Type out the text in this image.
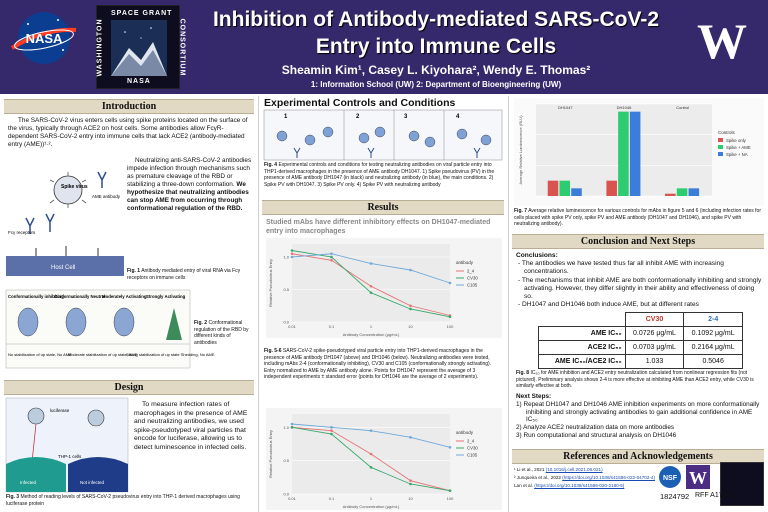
NASA
SPACE GRANT
WASHINGTON	CONSORTIUM
NASA
Inhibition of Antibody-mediated SARS-CoV-2
Entry into Immune Cells
Sheamin Kim¹, Casey L. Kiyohara², Wendy E. Thomas²
1: Information School (UW) 2: Department of Bioengineering (UW)
W
Introduction
The SARS-CoV-2 virus enters cells using spike proteins located on the surface of the virus, typically through ACE2 on host cells. Some antibodies allow FcγR-dependent SARS-CoV-2 entry into immune cells that lack ACE2 (antibody-mediated entry (AME))¹·².
Spike virus
AME antibody
Fcγ receptors
Host Cell
Neutralizing anti-SARS-CoV-2 antibodies impede infection through mechanisms such as premature cleavage of the RBD or stabilizing a three-down conformation. We hypothesize that neutralizing antibodies can stop AME from occurring through conformational regulation of the RBD.
Fig. 1 Antibody mediated entry of viral RNA via Fcγ receptors on immune cells
Conformationally inhibiting
Conformationally Neutral
Moderately Activating Strongly Activating
No stabilization of up state, No AME
Moderate stabilization of up state, AME
Strong stabilization of up state Shedding, No AME
Fig. 2 Conformational regulation of the RBD by different kinds of antibodies
Design
luciferase
Infected	Not infected
THP-1 cells
To measure infection rates of macrophages in the presence of AME and neutralizing antibodies, we used spike-pseudotyped viral particles that encode for luciferase, allowing us to detect luminescence in infected cells.
Fig. 3 Method of reading levels of SARS-CoV-2 pseudovirus entry into THP-1 derived macrophages using luciferase protein
Experimental Controls and Conditions
1	2	3	4
Fig. 4 Experimental controls and conditions for testing neutralizing antibodies on viral particle entry into THP1-derived macrophages in the presence of AME antibody DH1047. 1) Spike pseudovirus (PV) in the presence of AME antibody DH1047 (in black) and neutralizing antibody (in blue), the main conditions. 2) Spike PV with DH1047. 3) Spike PV only. 4) Spike PV with neutralizing antibody
Results
Studied mAbs have different inhibitory effects on DH1047-mediated entry into macrophages
0.0
0.5
1.0
0.01	0.1	1	10	100
Antibody Concentration (μg/mL)
Relative Pseudovirus Entry	antibody
2_4
CV30
C105
Fig. 5-6 SARS-CoV-2 spike-pseudotyped viral particle entry into THP1-derived macrophages in the presence of AME antibody DH1047 (above) and DH1046 (below). Neutralizing antibodies were tested, including mAbs 2-4 (conformationally inhibiting), CV30 and C105 (conformationally strongly activating). Entry normalized to AME by AME antibody alone. Points for DH1047 represent the average of 3 independent experiments ± standard error (points for DH1046 are the average of 2 experiments).
0.0
0.5
1.0
0.01	0.1	1	10	100
Antibody Concentration (μg/mL)
Relative Pseudovirus Entry	antibody
2_4
CV30
C105
Average Relative Luminescence (RLU)
DH1047	DH1046	Control
Controls
Spike only
Spike + AME
Spike + NA
Fig. 7 Average relative luminescence for various controls for mAbs in figure 5 and 6 (including infection rates for cells placed with spike PV only, spike PV and AME antibody (DH1047 and DH1046), and spike PV with neutralizing antibody).
Conclusion and Next Steps
Conclusions:
- The antibodies we have tested thus far all inhibit AME with increasing concentrations.
- The mechanisms that inhibit AME are both conformationally inhibiting and strongly activating. However, they differ slightly in their ability and effectiveness of doing so.
- DH1047 and DH1046 both induce AME, but at different rates
	CV30	2-4
AME IC₅₀	0.0726 μg/mL	0.1092 μg/mL
ACE2 IC₅₀	0.0703 μg/mL	0.2164 μg/mL
AME IC₅₀/ACE2 IC₅₀	1.033	0.5046
Fig. 8 IC₅₀ for AME inhibition and ACE2 entry neutralization calculated from nonlinear regression fits (not pictured). Preliminary analysis shows 2-4 is more effective at inhibiting AME than ACE2 entry, while CV30 is similarly effective at both.
Next Steps:
1) Repeat DH1047 and DH1046 AME inhibition experiments on more conformationally inhibiting and strongly activating antibodies to gain additional confidence in AME IC₅₀
2) Analyze ACE2 neutralization data on more antibodies
3) Run computational and structural analysis on DH1046
References and Acknowledgements
¹ Li et al., 2021 (10.1016/j.cell.2021.06.021)
² Junqueira et al., 2022 (https://doi.org/10.1038/s41586-022-04702-4)
Lan et al. (https://doi.org/10.1038/s41586-020-2180-5)
NSF W
1824792 RFF A172852
